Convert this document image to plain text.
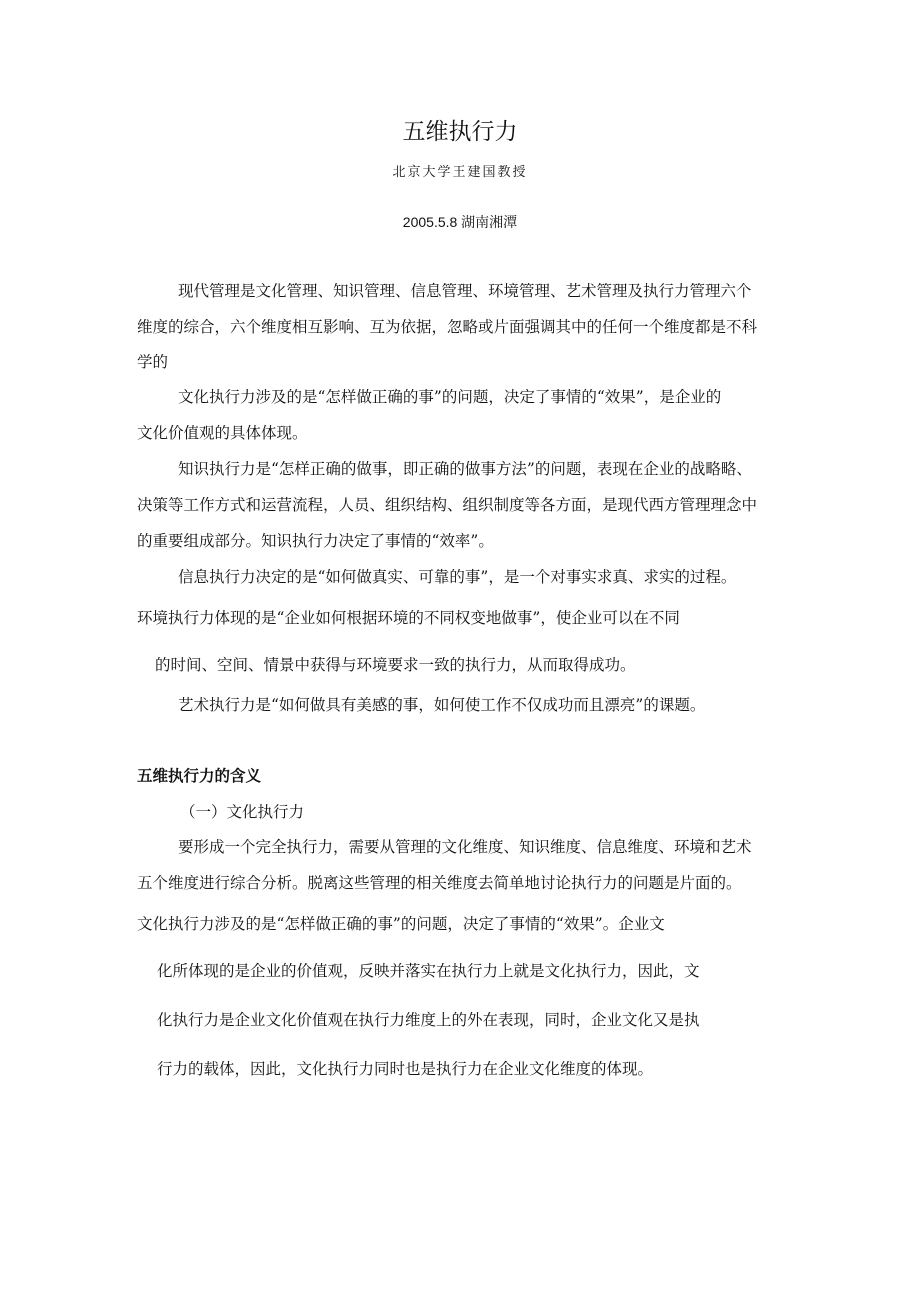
五维执行力
北京大学王建国教授
2005.5.8 湖南湘潭
现代管理是文化管理、知识管理、信息管理、环境管理、艺术管理及执行力管理六个
维度的综合，六个维度相互影响、互为依据，忽略或片面强调其中的任何一个维度都是不科
学的
文化执行力涉及的是“怎样做正确的事”的问题，决定了事情的“效果”，是企业的
文化价值观的具体体现。
知识执行力是“怎样正确的做事，即正确的做事方法”的问题，表现在企业的战略略、
决策等工作方式和运营流程，人员、组织结构、组织制度等各方面，是现代西方管理理念中
的重要组成部分。知识执行力决定了事情的“效率”。
信息执行力决定的是“如何做真实、可靠的事”，是一个对事实求真、求实的过程。
环境执行力体现的是“企业如何根据环境的不同权变地做事”，使企业可以在不同
的时间、空间、情景中获得与环境要求一致的执行力，从而取得成功。
艺术执行力是“如何做具有美感的事，如何使工作不仅成功而且漂亮”的课题。
五维执行力的含义
（一）文化执行力
要形成一个完全执行力，需要从管理的文化维度、知识维度、信息维度、环境和艺术
五个维度进行综合分析。脱离这些管理的相关维度去简单地讨论执行力的问题是片面的。
文化执行力涉及的是“怎样做正确的事”的问题，决定了事情的“效果”。企业文
化所体现的是企业的价值观，反映并落实在执行力上就是文化执行力，因此，文
化执行力是企业文化价值观在执行力维度上的外在表现，同时，企业文化又是执
行力的载体，因此，文化执行力同时也是执行力在企业文化维度的体现。
